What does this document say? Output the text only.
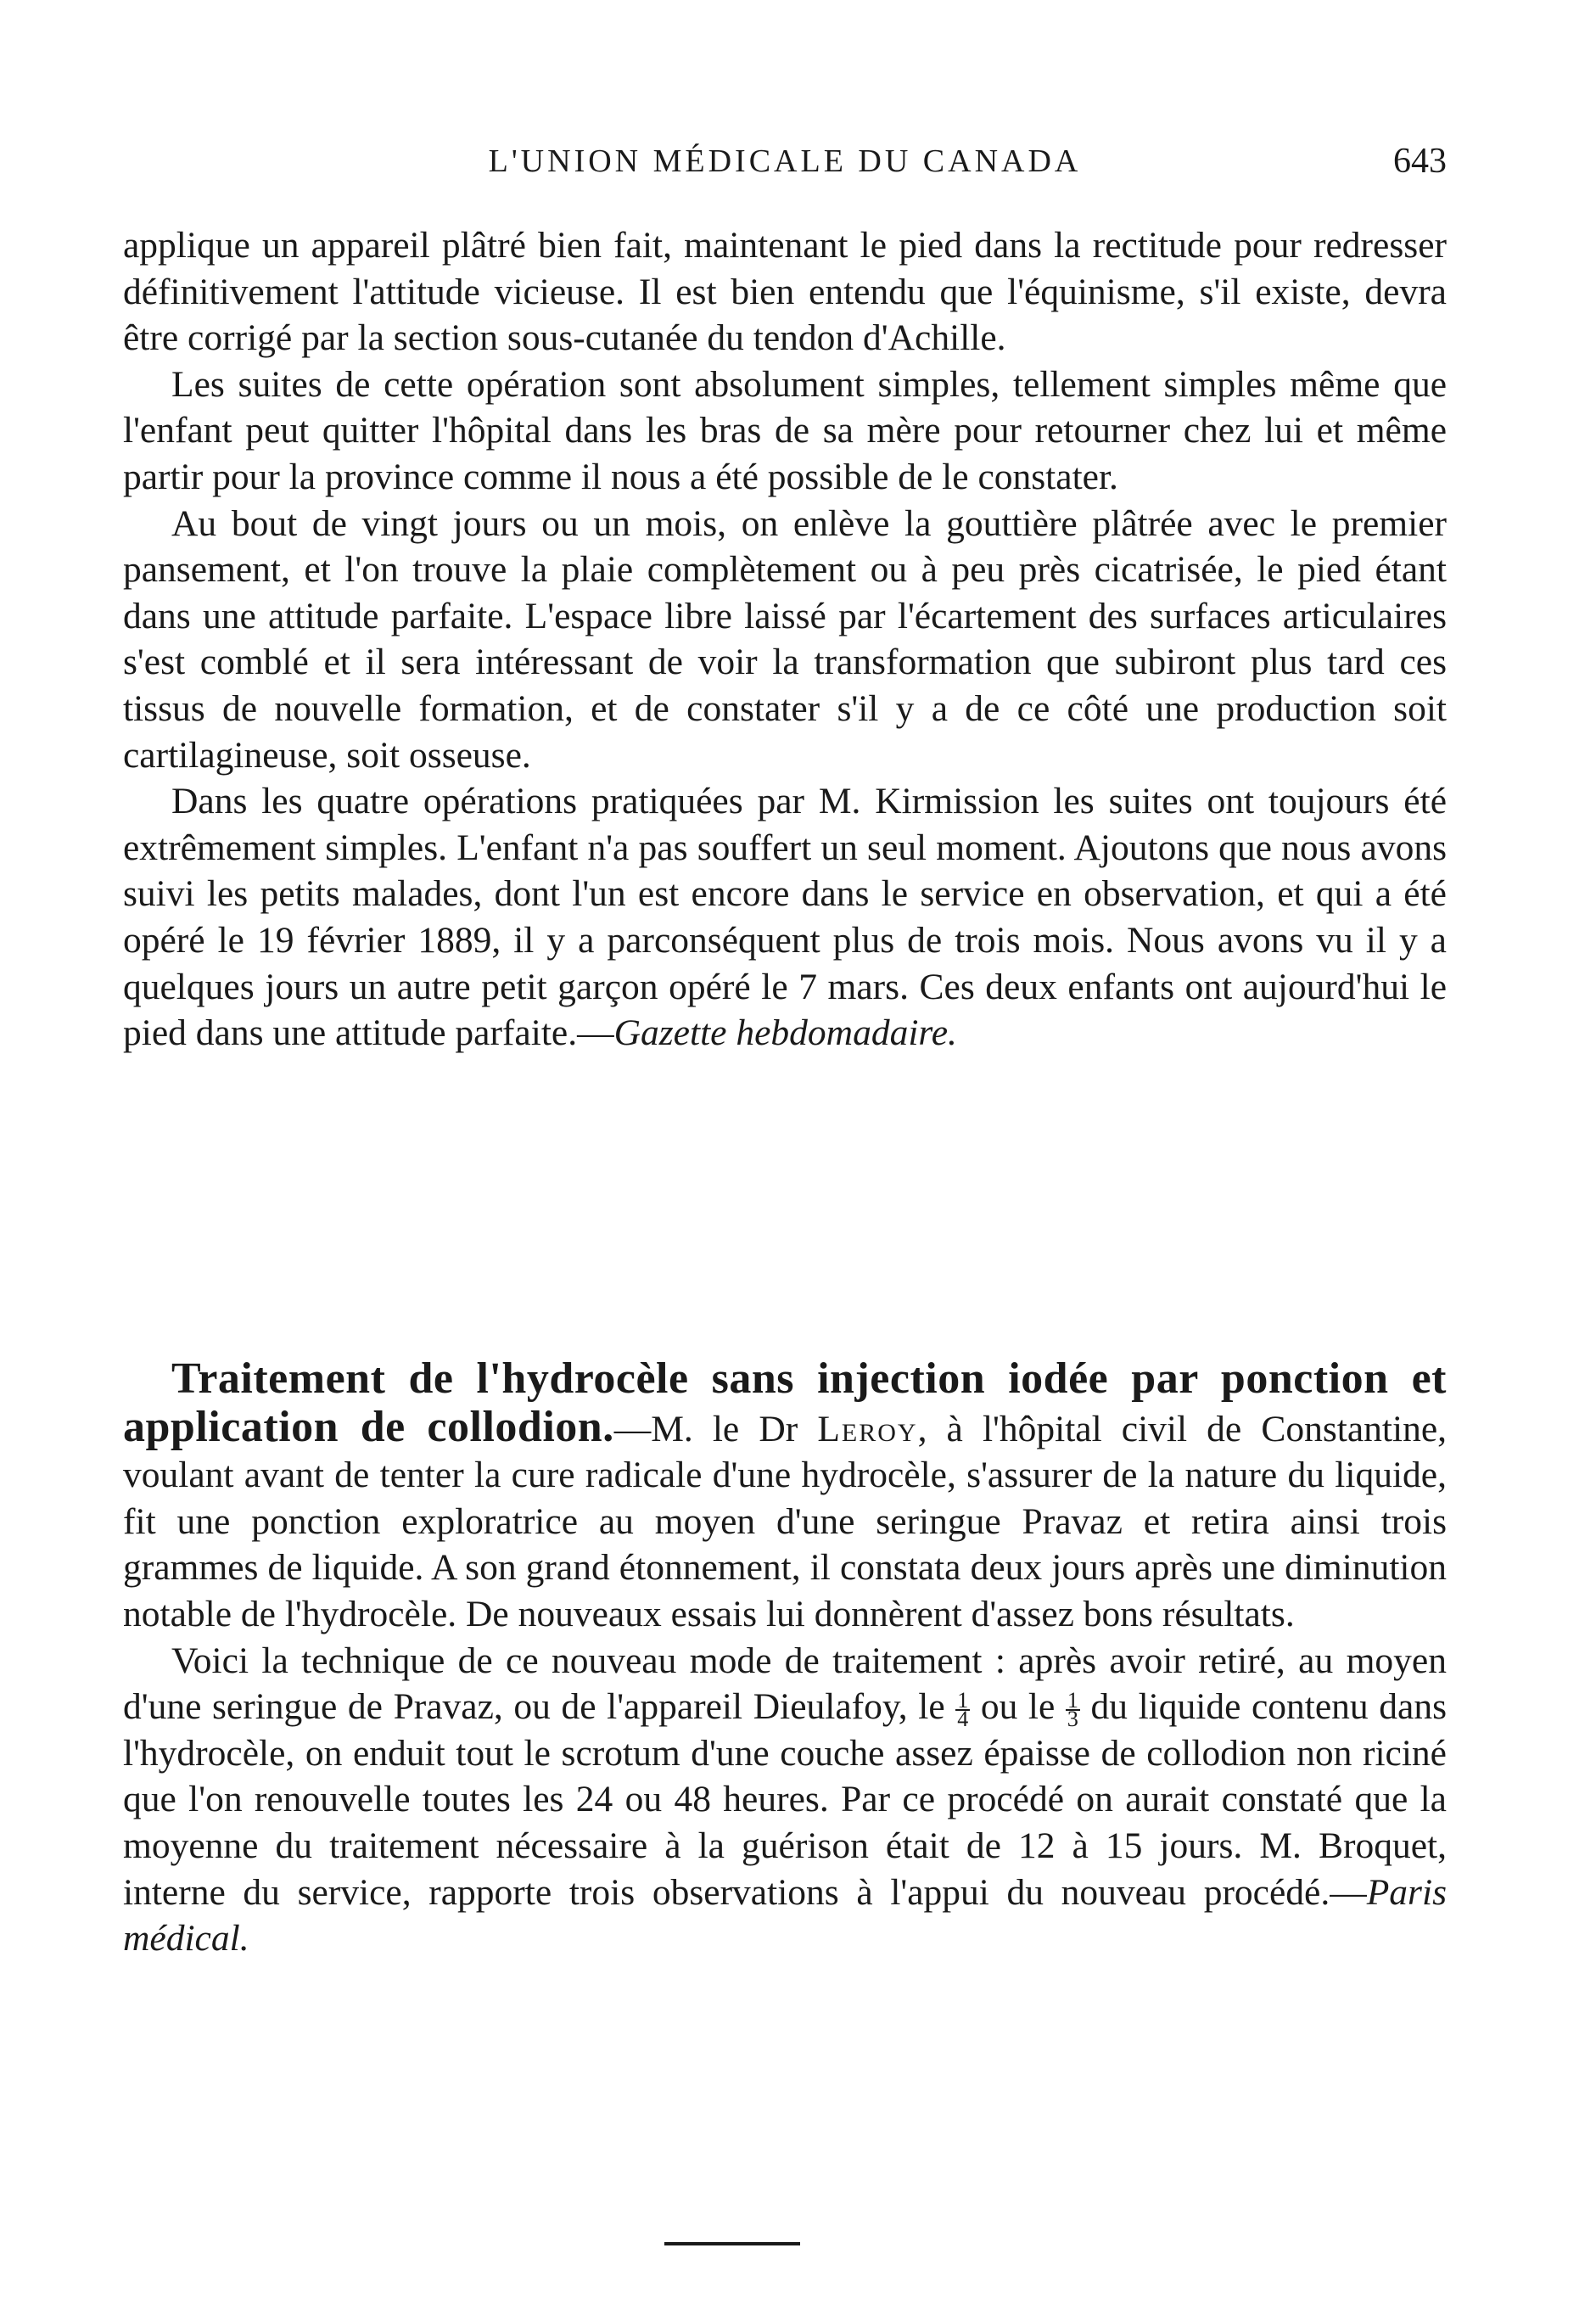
L'UNION MÉDICALE DU CANADA	643

applique un appareil plâtré bien fait, maintenant le pied dans la rectitude pour redresser définitivement l'attitude vicieuse. Il est bien entendu que l'équinisme, s'il existe, devra être corrigé par la section sous-cutanée du tendon d'Achille.

Les suites de cette opération sont absolument simples, tellement simples même que l'enfant peut quitter l'hôpital dans les bras de sa mère pour retourner chez lui et même partir pour la province comme il nous a été possible de le constater.

Au bout de vingt jours ou un mois, on enlève la gouttière plâtrée avec le premier pansement, et l'on trouve la plaie complètement ou à peu près cicatrisée, le pied étant dans une attitude parfaite. L'espace libre laissé par l'écartement des surfaces articulaires s'est comblé et il sera intéressant de voir la transformation que subiront plus tard ces tissus de nouvelle formation, et de constater s'il y a de ce côté une production soit cartilagineuse, soit osseuse.

Dans les quatre opérations pratiquées par M. Kirmission les suites ont toujours été extrêmement simples. L'enfant n'a pas souffert un seul moment. Ajoutons que nous avons suivi les petits malades, dont l'un est encore dans le service en observation, et qui a été opéré le 19 février 1889, il y a parconséquent plus de trois mois. Nous avons vu il y a quelques jours un autre petit garçon opéré le 7 mars. Ces deux enfants ont aujourd'hui le pied dans une attitude parfaite.—Gazette hebdomadaire.

Traitement de l'hydrocèle sans injection iodée par ponction et application de collodion.—M. le Dr Leroy, à l'hôpital civil de Constantine, voulant avant de tenter la cure radicale d'une hydrocèle, s'assurer de la nature du liquide, fit une ponction exploratrice au moyen d'une seringue Pravaz et retira ainsi trois grammes de liquide. A son grand étonnement, il constata deux jours après une diminution notable de l'hydrocèle. De nouveaux essais lui donnèrent d'assez bons résultats.

Voici la technique de ce nouveau mode de traitement : après avoir retiré, au moyen d'une seringue de Pravaz, ou de l'appareil Dieulafoy, le $\frac{1}{4}$ ou le $\frac{1}{3}$ du liquide contenu dans l'hydrocèle, on enduit tout le scrotum d'une couche assez épaisse de collodion non riciné que l'on renouvelle toutes les 24 ou 48 heures. Par ce procédé on aurait constaté que la moyenne du traitement nécessaire à la guérison était de 12 à 15 jours. M. Broquet, interne du service, rapporte trois observations à l'appui du nouveau procédé.—Paris médical.
